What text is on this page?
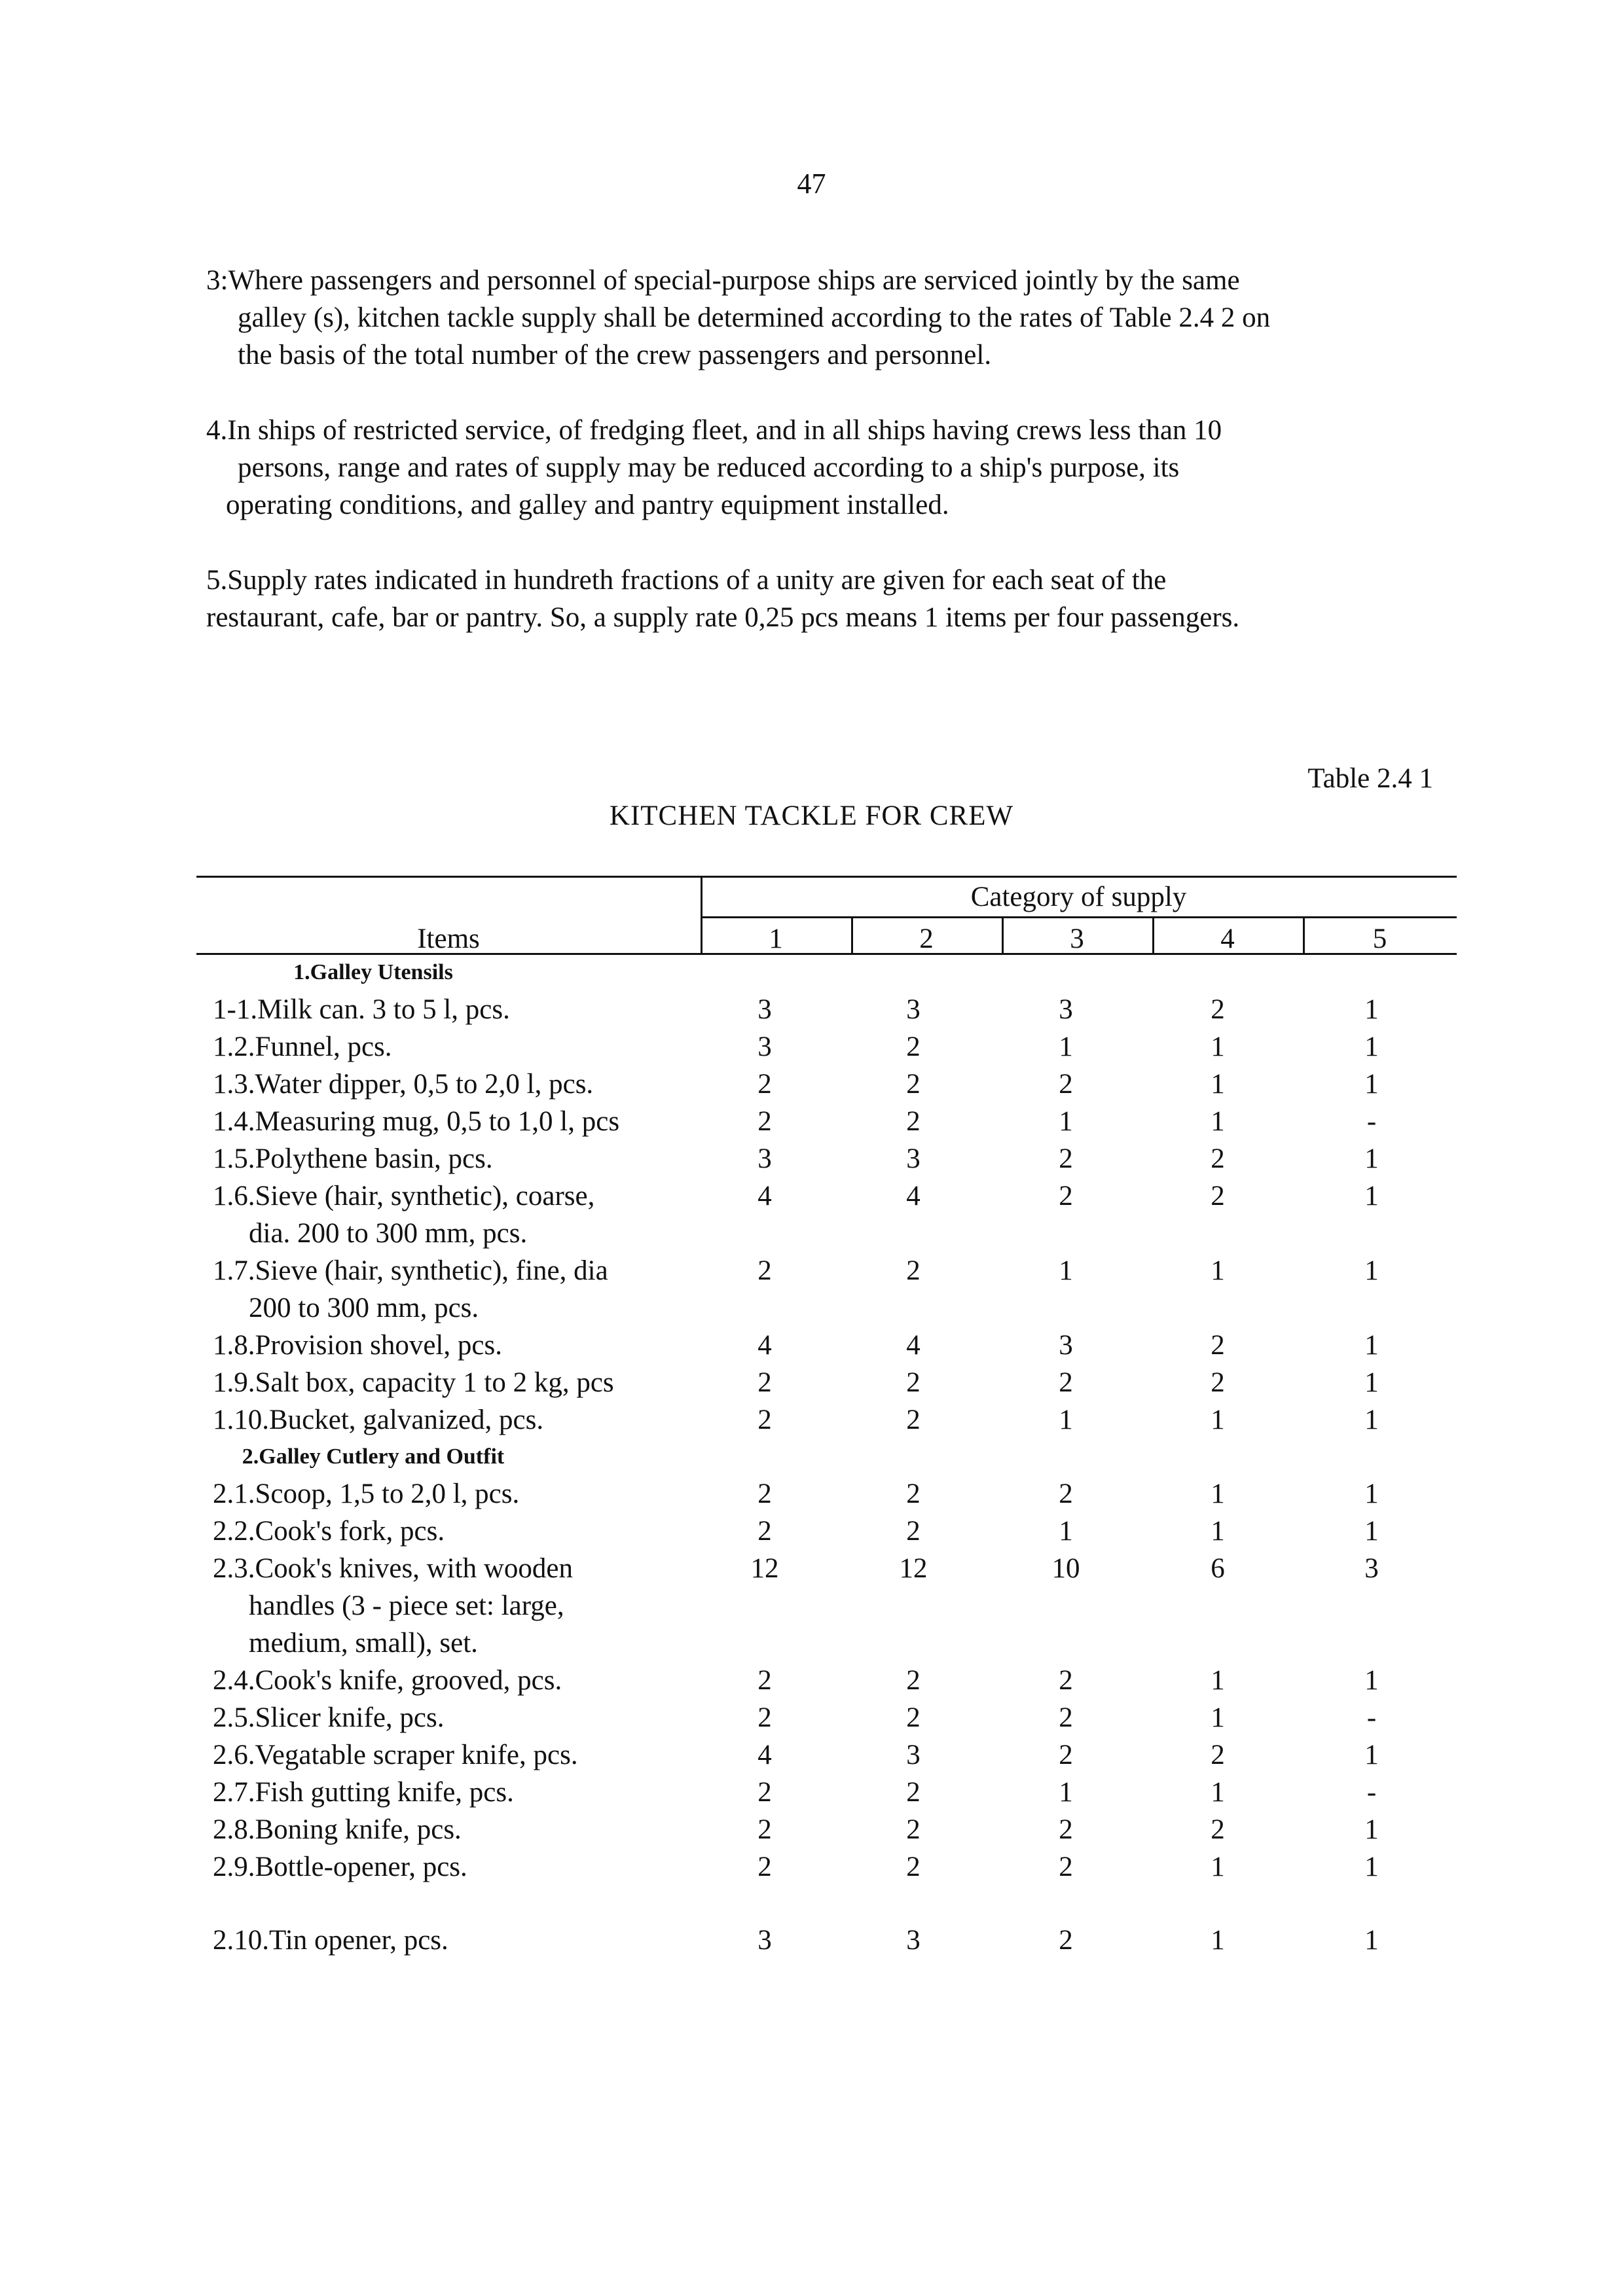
47
3:Where passengers and personnel of special-purpose ships are serviced jointly by the same
galley (s), kitchen tackle supply shall be determined according to the rates of Table 2.4 2 on
the basis of the total number of the crew passengers and personnel.
4.In ships of restricted service, of fredging fleet, and in all ships having crews less than 10
persons, range and rates of supply may be reduced according to a ship's purpose, its
operating conditions, and galley and pantry equipment installed.
5.Supply rates indicated in hundreth fractions of a unity are given for each seat of the
restaurant, cafe, bar or pantry. So, a supply rate 0,25 pcs means 1 items per four passengers.
Table 2.4 1
KITCHEN TACKLE FOR CREW
Items
Category of supply
1	2	3	4	5
1.Galley Utensils
1-1.Milk can. 3 to 5 l, pcs.	3	3	3	2	1
1.2.Funnel, pcs.	3	2	1	1	1
1.3.Water dipper, 0,5 to 2,0 l, pcs.	2	2	2	1	1
1.4.Measuring mug, 0,5 to 1,0 l, pcs	2	2	1	1	-
1.5.Polythene basin, pcs.	3	3	2	2	1
1.6.Sieve (hair, synthetic), coarse,
dia. 200 to 300 mm, pcs.
4	4	2	2	1
1.7.Sieve (hair, synthetic), fine, dia
200 to 300 mm, pcs.
2	2	1	1	1
1.8.Provision shovel, pcs.	4	4	3	2	1
1.9.Salt box, capacity 1 to 2 kg, pcs	2	2	2	2	1
1.10.Bucket, galvanized, pcs.	2	2	1	1	1
2.Galley Cutlery and Outfit
2.1.Scoop, 1,5 to 2,0 l, pcs.	2	2	2	1	1
2.2.Cook's fork, pcs.	2	2	1	1	1
2.3.Cook's knives, with wooden
handles (3 - piece set: large,
medium, small), set.
12	12	10	6	3
2.4.Cook's knife, grooved, pcs.	2	2	2	1	1
2.5.Slicer knife, pcs.	2	2	2	1	-
2.6.Vegatable scraper knife, pcs.	4	3	2	2	1
2.7.Fish gutting knife, pcs.	2	2	1	1	-
2.8.Boning knife, pcs.	2	2	2	2	1
2.9.Bottle-opener, pcs.	2	2	2	1	1
2.10.Tin opener, pcs.	3	3	2	1	1
